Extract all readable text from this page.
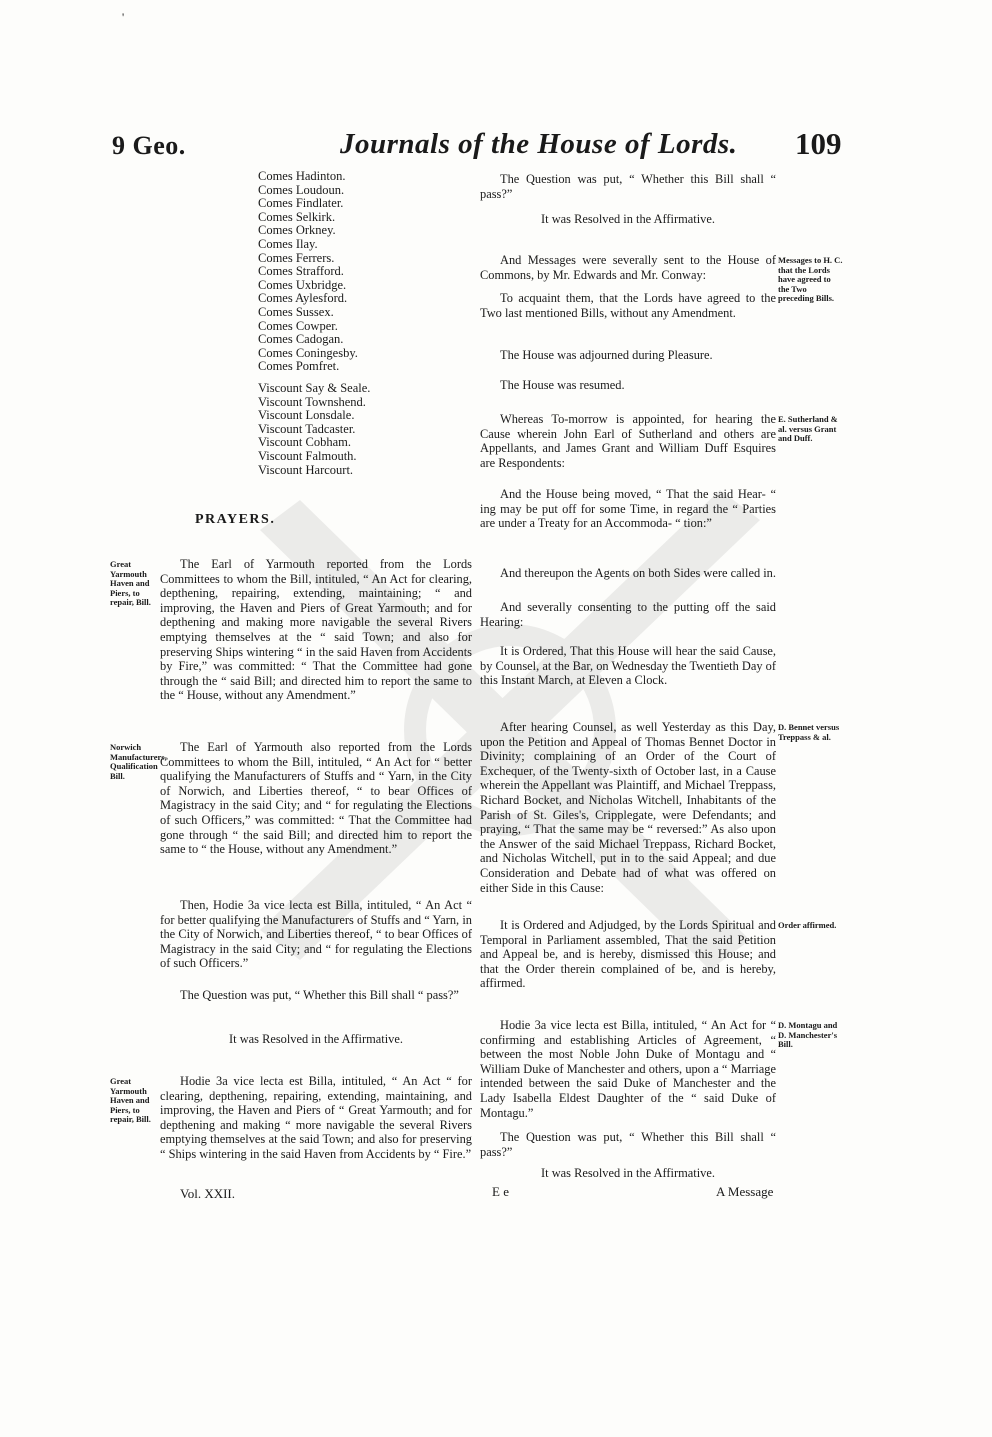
'
9 Geo.	Journals of the House of Lords. 109
Comes Hadinton.
Comes Loudoun.
Comes Findlater.
Comes Selkirk.
Comes Orkney.
Comes Ilay.
Comes Ferrers.
Comes Strafford.
Comes Uxbridge.
Comes Aylesford.
Comes Sussex.
Comes Cowper.
Comes Cadogan.
Comes Coningesby.
Comes Pomfret.
Viscount Say & Seale.
Viscount Townshend.
Viscount Lonsdale.
Viscount Tadcaster.
Viscount Cobham.
Viscount Falmouth.
Viscount Harcourt.
PRAYERS.

The Earl of Yarmouth reported from the Lords Committees to whom the Bill, intituled, “ An Act for clearing, depthening, repairing, extending, maintaining; “ and improving, the Haven and Piers of Great Yarmouth; and for depthening and making more navigable the several Rivers emptying themselves at the “ said Town; and also for preserving Ships wintering “ in the said Haven from Accidents by Fire,” was committed: “ That the Committee had gone through the “ said Bill; and directed him to report the same to the “ House, without any Amendment.”

Great Yarmouth Haven and Piers, to repair, Bill.

The Earl of Yarmouth also reported from the Lords Committees to whom the Bill, intituled, “ An Act for “ better qualifying the Manufacturers of Stuffs and “ Yarn, in the City of Norwich, and Liberties thereof, “ to bear Offices of Magistracy in the said City; and “ for regulating the Elections of such Officers,” was committed: “ That the Committee had gone through “ the said Bill; and directed him to report the same to “ the House, without any Amendment.”

Norwich Manufacturers, Qualification Bill.

Then, Hodie 3a vice lecta est Billa, intituled, “ An Act “ for better qualifying the Manufacturers of Stuffs and “ Yarn, in the City of Norwich, and Liberties thereof, “ to bear Offices of Magistracy in the said City; and “ for regulating the Elections of such Officers.”

The Question was put, “ Whether this Bill shall “ pass?”

It was Resolved in the Affirmative.

Hodie 3a vice lecta est Billa, intituled, “ An Act “ for clearing, depthening, repairing, extending, maintaining, and improving, the Haven and Piers of “ Great Yarmouth; and for depthening and making “ more navigable the several Rivers emptying themselves at the said Town; and also for preserving “ Ships wintering in the said Haven from Accidents by “ Fire.”

Great Yarmouth Haven and Piers, to repair, Bill.

The Question was put, “ Whether this Bill shall “ pass?”

It was Resolved in the Affirmative.

And Messages were severally sent to the House of Commons, by Mr. Edwards and Mr. Conway:

To acquaint them, that the Lords have agreed to the Two last mentioned Bills, without any Amendment.

Messages to H. C. that the Lords have agreed to the Two preceding Bills.

The House was adjourned during Pleasure.

The House was resumed.

Whereas To-morrow is appointed, for hearing the Cause wherein John Earl of Sutherland and others are Appellants, and James Grant and William Duff Esquires are Respondents:

E. Sutherland & al. versus Grant and Duff.

And the House being moved, “ That the said Hear- “ ing may be put off for some Time, in regard the “ Parties are under a Treaty for an Accommoda- “ tion:”

And thereupon the Agents on both Sides were called in.

And severally consenting to the putting off the said Hearing:

It is Ordered, That this House will hear the said Cause, by Counsel, at the Bar, on Wednesday the Twentieth Day of this Instant March, at Eleven a Clock.

After hearing Counsel, as well Yesterday as this Day, upon the Petition and Appeal of Thomas Bennet Doctor in Divinity; complaining of an Order of the Court of Exchequer, of the Twenty-sixth of October last, in a Cause wherein the Appellant was Plaintiff, and Michael Treppass, Richard Bocket, and Nicholas Witchell, Inhabitants of the Parish of St. Giles's, Cripplegate, were Defendants; and praying, “ That the same may be “ reversed:” As also upon the Answer of the said Michael Treppass, Richard Bocket, and Nicholas Witchell, put in to the said Appeal; and due Consideration and Debate had of what was offered on either Side in this Cause:

D. Bennet versus Treppass & al.

It is Ordered and Adjudged, by the Lords Spiritual and Temporal in Parliament assembled, That the said Petition and Appeal be, and is hereby, dismissed this House; and that the Order therein complained of be, and is hereby, affirmed.

Order affirmed.

Hodie 3a vice lecta est Billa, intituled, “ An Act for “ confirming and establishing Articles of Agreement, “ between the most Noble John Duke of Montagu and “ William Duke of Manchester and others, upon a “ Marriage intended between the said Duke of Manchester and the Lady Isabella Eldest Daughter of the “ said Duke of Montagu.”

D. Montagu and D. Manchester's Bill.

The Question was put, “ Whether this Bill shall “ pass?”

It was Resolved in the Affirmative.

Vol. XXII.	E e	A Message
